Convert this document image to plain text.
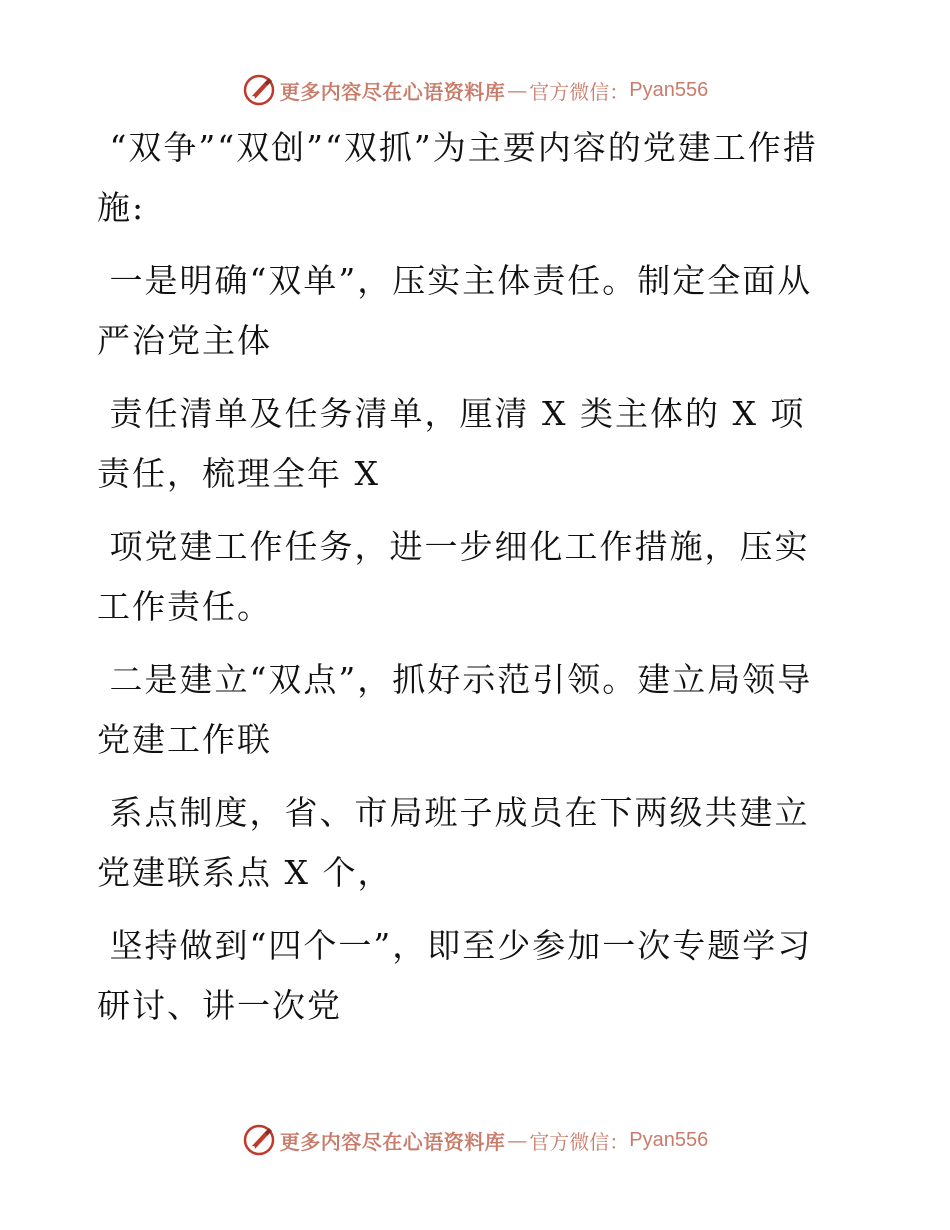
更多内容尽在心语资料库 — 官方微信： Pyan556

“双争”“双创”“双抓”为主要内容的党建工作措施:

一是明确“双单”，压实主体责任。制定全面从严治党主体

责任清单及任务清单，厘清 X 类主体的 X 项责任，梳理全年 X

项党建工作任务，进一步细化工作措施，压实工作责任。

二是建立“双点”，抓好示范引领。建立局领导党建工作联

系点制度，省、市局班子成员在下两级共建立党建联系点 X 个，

坚持做到“四个一”，即至少参加一次专题学习研讨、讲一次党

更多内容尽在心语资料库 — 官方微信： Pyan556
